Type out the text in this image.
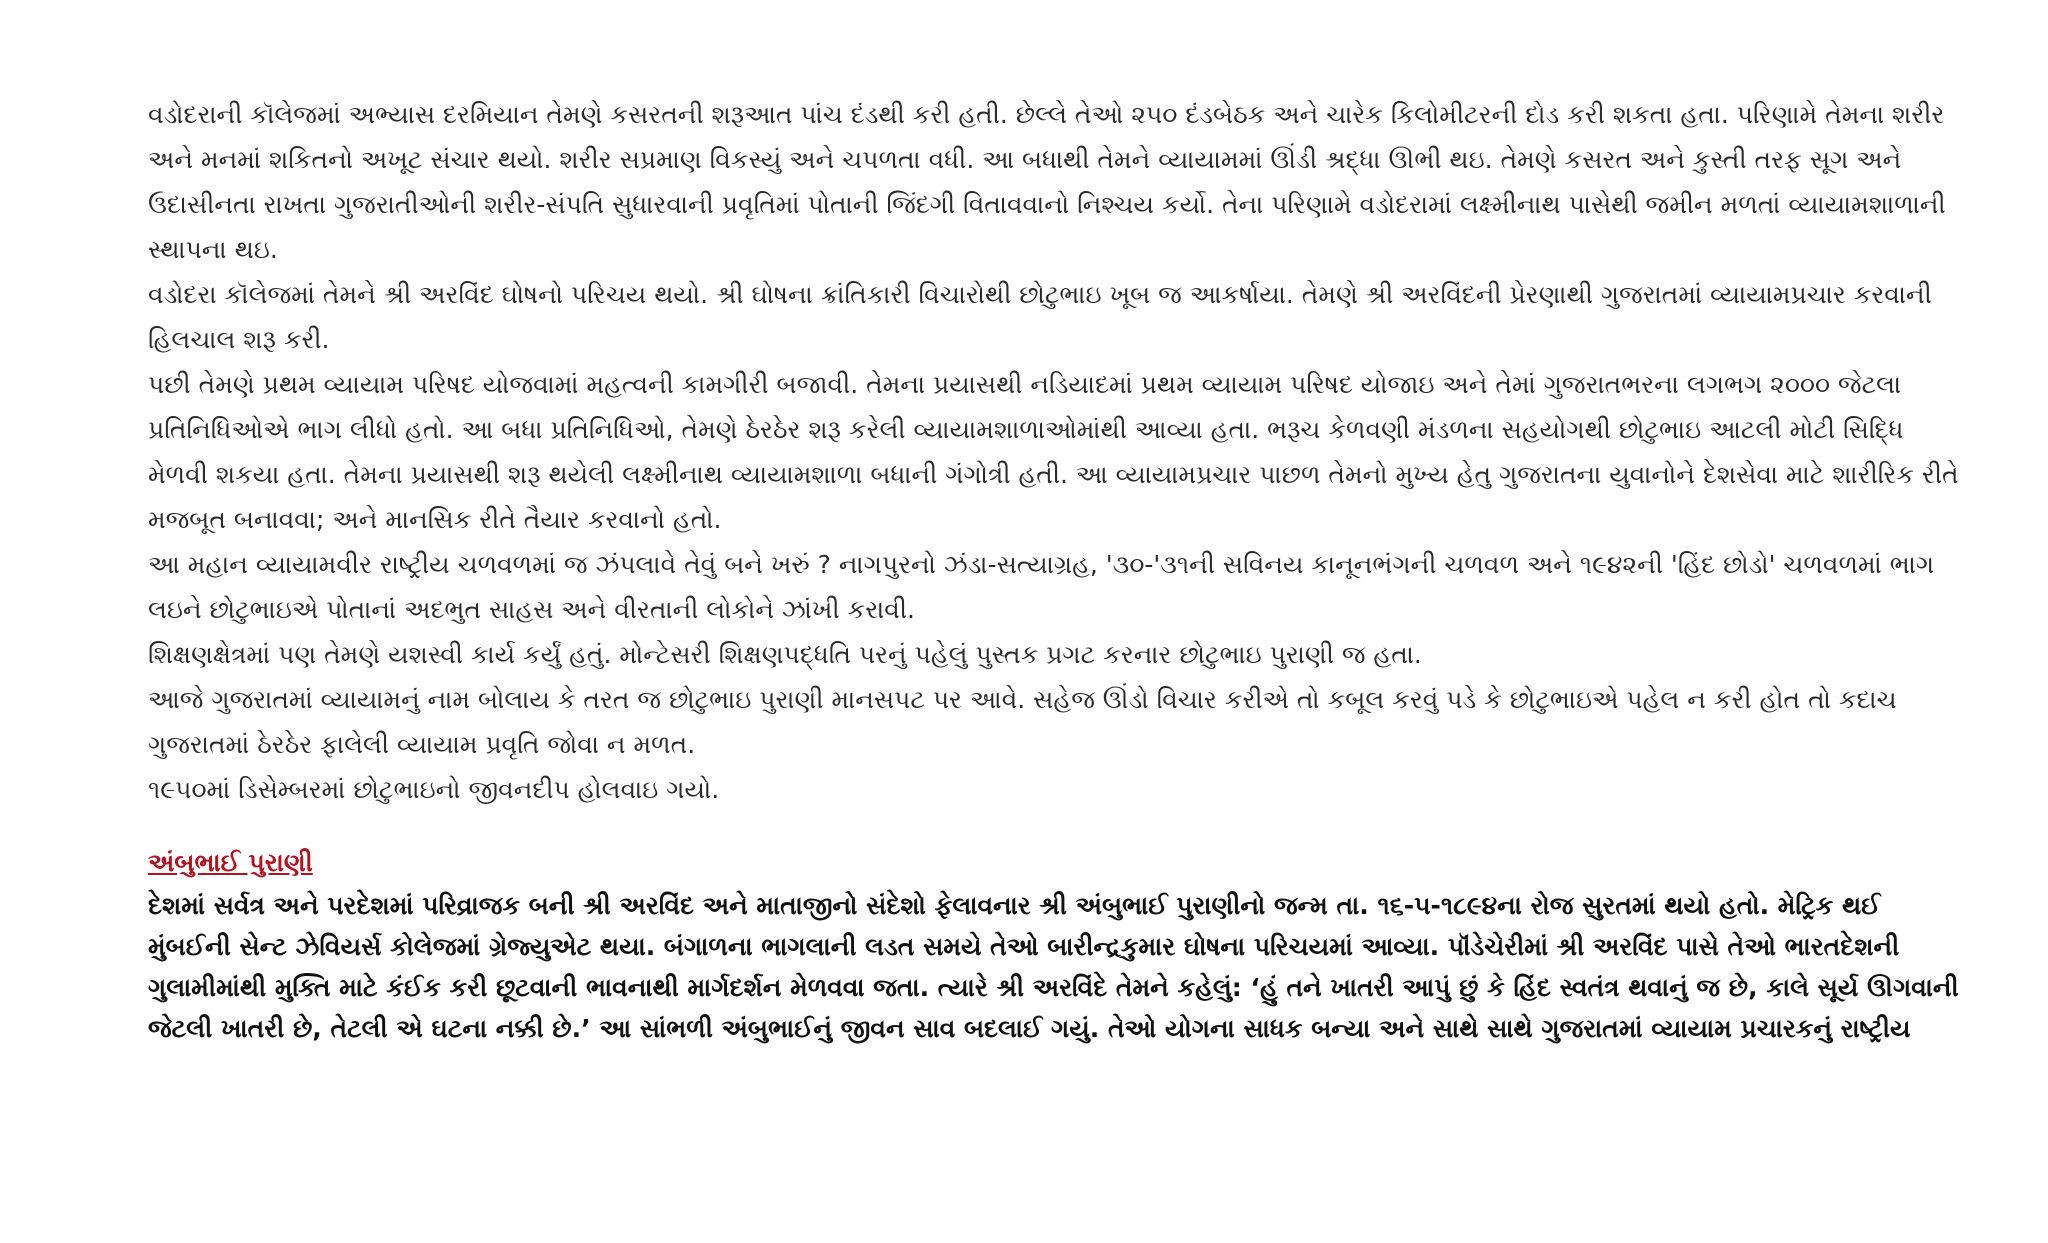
વડોદરાની કૉલેજમાં અભ્યાસ દરમિયાન તેમણે કસરતની શરૂઆત પાંચ દંડથી કરી હતી. છેલ્લે તેઓ ૨૫૦ દંડબેઠક અને ચારેક કિલોમીટરની દોડ કરી શકતા હતા. પરિણામે તેમના શરીર અને મનમાં શકિતનો અખૂટ સંચાર થયો. શરીર સપ્રમાણ વિકસ્યું અને ચપળતા વધી. આ બધાથી તેમને વ્યાયામમાં ઊંડી શ્રદ્ધા ઊભી થઇ. તેમણે કસરત અને કુસ્તી તરફ સૂગ અને ઉદાસીનતા રાખતા ગુજરાતીઓની શરીર-સંપતિ સુધારવાની પ્રવૃતિમાં પોતાની જિંદગી વિતાવવાનો નિશ્ચય કર્યો. તેના પરિણામે વડોદરામાં લક્ષ્મીનાથ પાસેથી જમીન મળતાં વ્યાયામશાળાની સ્થાપના થઇ.

વડોદરા કૉલેજમાં તેમને શ્રી અરવિંદ ઘોષનો પરિચય થયો. શ્રી ઘોષના ક્રાંતિકારી વિચારોથી છોટુભાઇ ખૂબ જ આકર્ષાયા. તેમણે શ્રી અરવિંદની પ્રેરણાથી ગુજરાતમાં વ્યાયામપ્રચાર કરવાની હિલચાલ શરૂ કરી.

પછી તેમણે પ્રથમ વ્યાયામ પરિષદ યોજવામાં મહત્વની કામગીરી બજાવી. તેમના પ્રયાસથી નડિયાદમાં પ્રથમ વ્યાયામ પરિષદ યોજાઇ અને તેમાં ગુજરાતભરના લગભગ ૨૦૦૦ જેટલા પ્રતિનિધિઓએ ભાગ લીધો હતો. આ બધા પ્રતિનિધિઓ, તેમણે ઠેરઠેર શરૂ કરેલી વ્યાયામશાળાઓમાંથી આવ્યા હતા. ભરૂચ કેળવણી મંડળના સહયોગથી છોટુભાઇ આટલી મોટી સિદ્ધિ મેળવી શકયા હતા. તેમના પ્રયાસથી શરૂ થયેલી લક્ષ્મીનાથ વ્યાયામશાળા બધાની ગંગોત્રી હતી. આ વ્યાયામપ્રચાર પાછળ તેમનો મુખ્ય હેતુ ગુજરાતના યુવાનોને દેશસેવા માટે શારીરિક રીતે મજબૂત બનાવવા; અને માનસિક રીતે તૈયાર કરવાનો હતો.

આ મહાન વ્યાયામવીર રાષ્ટ્રીય ચળવળમાં જ ઝંપલાવે તેવું બને ખરું ? નાગપુરનો ઝંડા-સત્યાગ્રહ, '૩૦-'૩૧ની સવિનય કાનૂનભંગની ચળવળ અને ૧૯૪૨ની 'હિંદ છોડો' ચળવળમાં ભાગ લઇને છોટુભાઇએ પોતાનાં અદભુત સાહસ અને વીરતાની લોકોને ઝાંખી કરાવી.

શિક્ષણક્ષેત્રમાં પણ તેમણે યશસ્વી કાર્ય કર્યું હતું. મોન્ટેસરી શિક્ષણપદ્ધતિ પરનું પહેલું પુસ્તક પ્રગટ કરનાર છોટુભાઇ પુરાણી જ હતા.

આજે ગુજરાતમાં વ્યાયામનું નામ બોલાય કે તરત જ છોટુભાઇ પુરાણી માનસપટ પર આવે. સહેજ ઊંડો વિચાર કરીએ તો કબૂલ કરવું પડે કે છોટુભાઇએ પહેલ ન કરી હોત તો કદાચ ગુજરાતમાં ઠેરઠેર ફાલેલી વ્યાયામ પ્રવૃતિ જોવા ન મળત.

૧૯૫૦માં ડિસેમ્બરમાં છોટુભાઇનો જીવનદીપ હોલવાઇ ગયો.

અંબુભાઈ પુરાણી

દેશમાં સર્વત્ર અને પરદેશમાં પરિવ્રાજક બની શ્રી અરવિંદ અને માતાજીનો સંદેશો ફેલાવનાર શ્રી અંબુભાઈ પુરાણીનો જન્મ તા. ૧૬-૫-૧૮૯૪ના રોજ સુરતમાં થયો હતો. મેટ્રિક થઈ મુંબઈની સેન્ટ ઝેવિયર્સ કોલેજમાં ગ્રેજ્યુએટ થયા. બંગાળના ભાગલાની લડત સમયે તેઓ બારીન્દ્રકુમાર ઘોષના પરિચયમાં આવ્યા. પૉંડેચેરીમાં શ્રી અરવિંદ પાસે તેઓ ભારતદેશની ગુલામીમાંથી મુક્તિ માટે કંઈક કરી છૂટવાની ભાવનાથી માર્ગદર્શન મેળવવા જતા. ત્યારે શ્રી અરવિંદે તેમને કહેલું: ‘હું તને ખાતરી આપું છું કે હિંદ સ્વતંત્ર થવાનું જ છે, કાલે સૂર્ય ઊગવાની જેટલી ખાતરી છે, તેટલી એ ઘટના નક્કી છે.’ આ સાંભળી અંબુભાઈનું જીવન સાવ બદલાઈ ગયું. તેઓ યોગના સાધક બન્યા અને સાથે સાથે ગુજરાતમાં વ્યાયામ પ્રચારકનું રાષ્ટ્રીય
